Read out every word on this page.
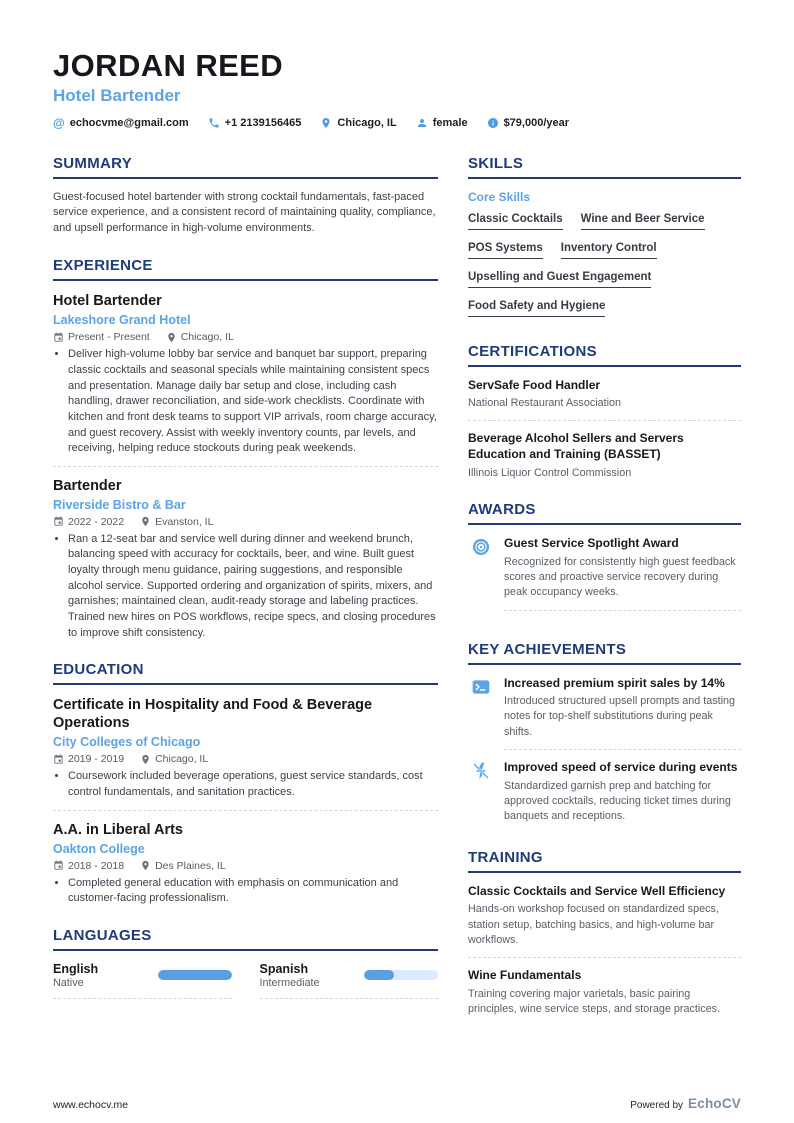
JORDAN REED
Hotel Bartender
@ echocvme@gmail.com	+1 2139156465	Chicago, IL	female	$79,000/year
SUMMARY

Guest-focused hotel bartender with strong cocktail fundamentals, fast-paced service experience, and a consistent record of maintaining quality, compliance, and upsell performance in high-volume environments.

EXPERIENCE
Hotel Bartender
Lakeshore Grand Hotel
Present - Present	Chicago, IL
• Deliver high-volume lobby bar service and banquet bar support, preparing classic cocktails and seasonal specials while maintaining consistent specs and presentation. Manage daily bar setup and close, including cash handling, drawer reconciliation, and side-work checklists. Coordinate with kitchen and front desk teams to support VIP arrivals, room charge accuracy, and guest recovery. Assist with weekly inventory counts, par levels, and receiving, helping reduce stockouts during peak weekends.
Bartender
Riverside Bistro & Bar
2022 - 2022	Evanston, IL
• Ran a 12-seat bar and service well during dinner and weekend brunch, balancing speed with accuracy for cocktails, beer, and wine. Built guest loyalty through menu guidance, pairing suggestions, and responsible alcohol service. Supported ordering and organization of spirits, mixers, and garnishes; maintained clean, audit-ready storage and labeling practices. Trained new hires on POS workflows, recipe specs, and closing procedures to improve shift consistency.
EDUCATION
Certificate in Hospitality and Food & Beverage Operations
City Colleges of Chicago
2019 - 2019	Chicago, IL
• Coursework included beverage operations, guest service standards, cost control fundamentals, and sanitation practices.
A.A. in Liberal Arts
Oakton College
2018 - 2018	Des Plaines, IL
• Completed general education with emphasis on communication and customer-facing professionalism.
LANGUAGES
English
Native
Spanish
Intermediate
SKILLS
Core Skills
Classic Cocktails Wine and Beer Service
POS Systems Inventory Control
Upselling and Guest Engagement
Food Safety and Hygiene
CERTIFICATIONS
ServSafe Food Handler
National Restaurant Association
Beverage Alcohol Sellers and Servers Education and Training (BASSET)
Illinois Liquor Control Commission
AWARDS
Guest Service Spotlight Award
Recognized for consistently high guest feedback scores and proactive service recovery during peak occupancy weeks.
KEY ACHIEVEMENTS
Increased premium spirit sales by 14%
Introduced structured upsell prompts and tasting notes for top-shelf substitutions during peak shifts.
Improved speed of service during events
Standardized garnish prep and batching for approved cocktails, reducing ticket times during banquets and receptions.
TRAINING
Classic Cocktails and Service Well Efficiency
Hands-on workshop focused on standardized specs, station setup, batching basics, and high-volume bar workflows.
Wine Fundamentals
Training covering major varietals, basic pairing principles, wine service steps, and storage practices.
www.echocv.me	Powered by EchoCV
